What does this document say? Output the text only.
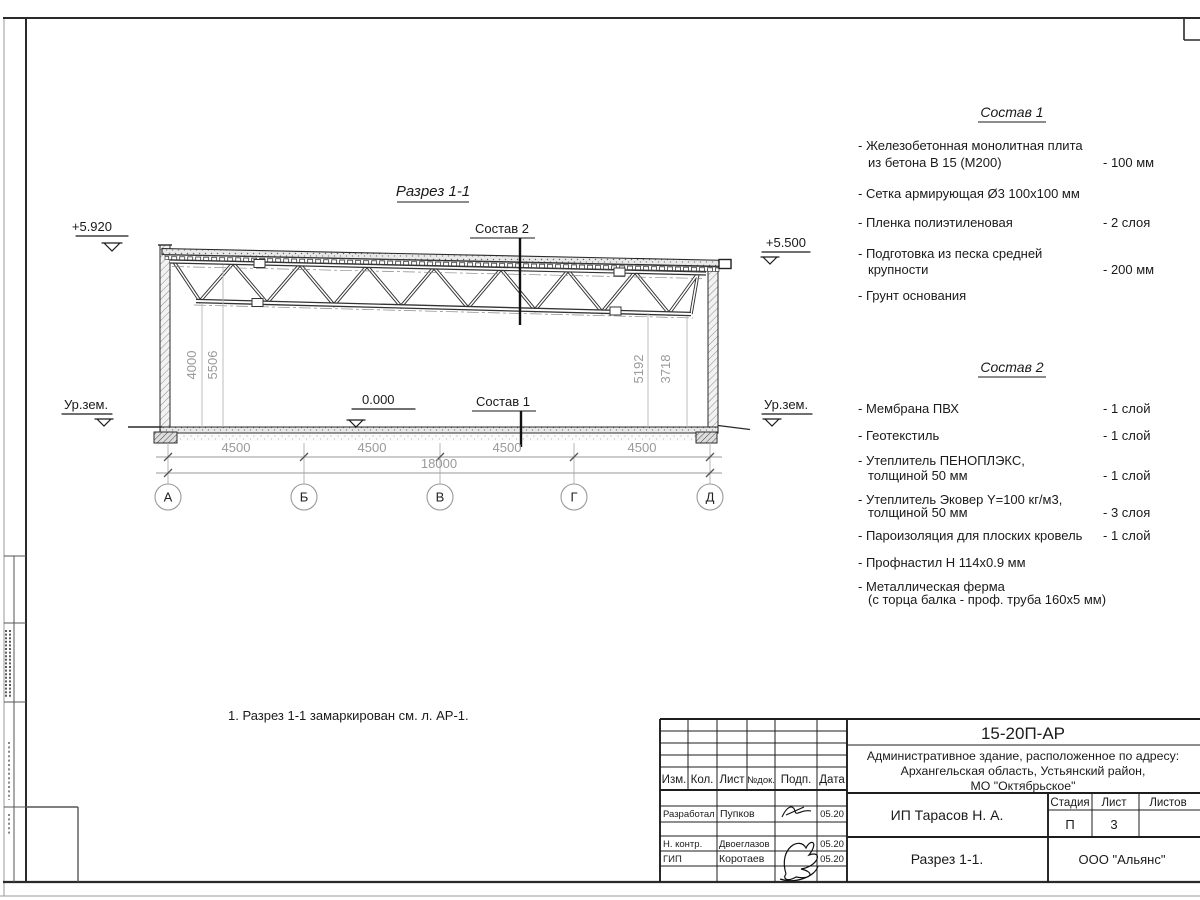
Разрез 1-1
4000 5506	5192 3718
+5.920
+5.500
Ур.зем.	Ур.зем.
0.000
Состав 2
Состав 1
4500	4500	4500	4500
18000
А	Б	В	Г	Д
1. Разрез 1-1 замаркирован см. л. АР-1.
Состав 1
- Железобетонная монолитная плита
из бетона В 15 (М200)	- 100 мм
- Сетка армирующая Ø3 100х100 мм
- Пленка полиэтиленовая	- 2 слоя
- Подготовка из песка средней
крупности	- 200 мм
- Грунт основания
Состав 2
- Мембрана ПВХ	- 1 слой
- Геотекстиль	- 1 слой
- Утеплитель ПЕНОПЛЭКС,
толщиной 50 мм	- 1 слой
- Утеплитель Эковер Y=100 кг/м3,
толщиной 50 мм	- 3 слоя
- Пароизоляция для плоских кровель - 1 слой
- Профнастил Н 114х0.9 мм
- Металлическая ферма
(с торца балка - проф. труба 160х5 мм)
Изм. Кол. Лист №док. Подп. Дата
Стадия Лист Листов
Разработал Пупков	05.20
Н. контр. Двоеглазов	05.20
ГИП	Коротаев	05.20
15-20П-АР
Административное здание, расположенное по адресу:
Архангельская область, Устьянский район,
МО "Октябрьское"
ИП Тарасов Н. А.
П	3
Разрез 1-1.	ООО "Альянс"
